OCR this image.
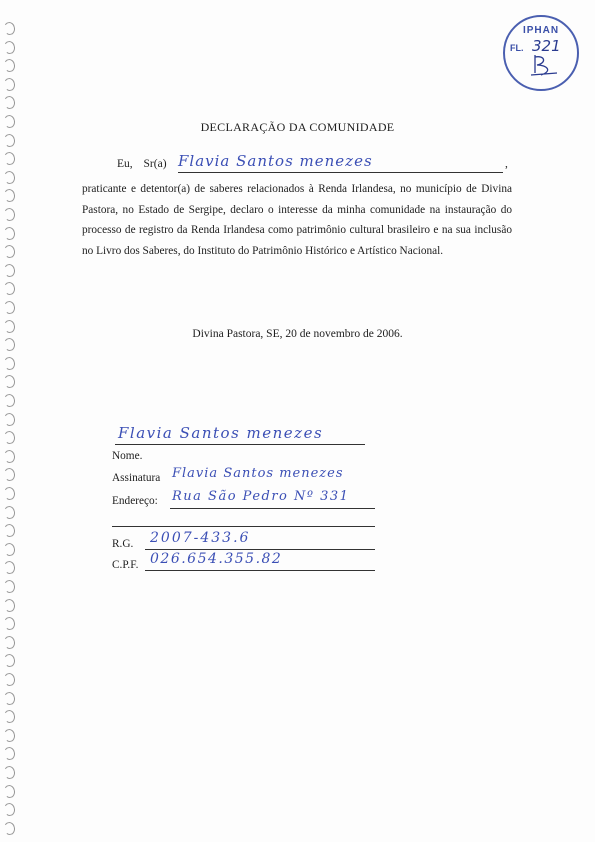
IPHAN
FL. 321
DECLARAÇÃO DA COMUNIDADE
Eu, Sr(a) Flavia Santos menezes	,
praticante e detentor(a) de saberes relacionados à Renda Irlandesa, no município de Divina Pastora, no Estado de Sergipe, declaro o interesse da minha comunidade na instauração do processo de registro da Renda Irlandesa como patrimônio cultural brasileiro e na sua inclusão no Livro dos Saberes, do Instituto do Patrimônio Histórico e Artístico Nacional.
Divina Pastora, SE, 20 de novembro de 2006.
Flavia Santos menezes
Nome.
Assinatura Flavia Santos menezes
Endereço: Rua São Pedro Nº 331
R.G. 2007-433.6
C.P.F. 026.654.355.82
